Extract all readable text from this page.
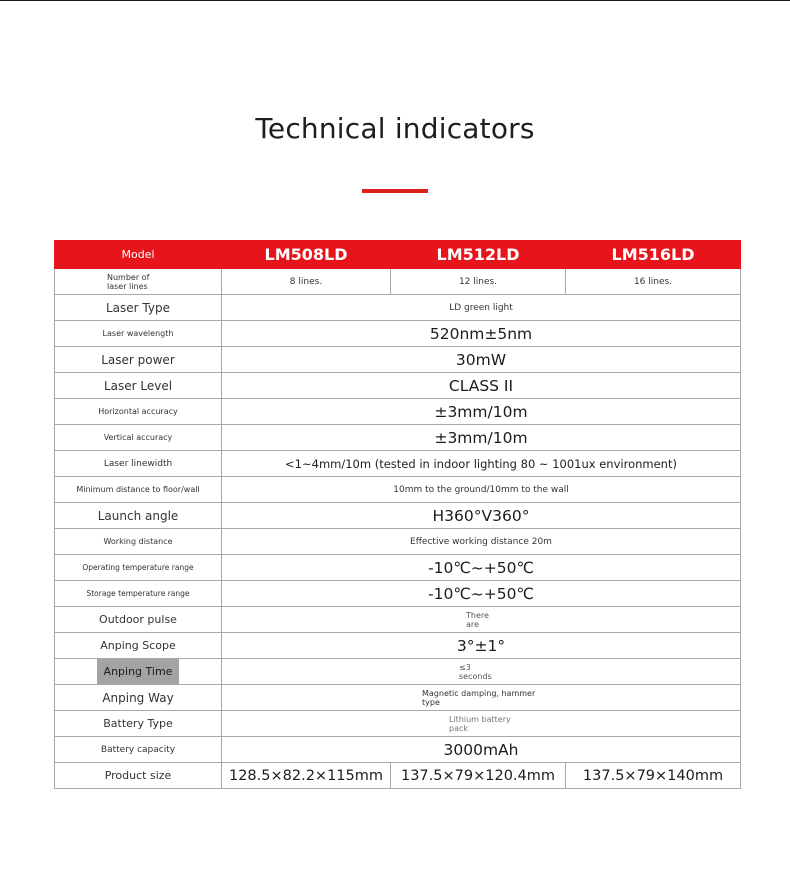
Technical indicators
Model	LM508LD	LM512LD	LM516LD
Number of laser lines	8 lines.	12 lines.	16 lines.
Laser Type	LD green light		
Laser wavelength	520nm±5nm		
Laser power	30mW		
Laser Level	CLASS II		
Horizontal accuracy	±3mm/10m		
Vertical accuracy	±3mm/10m		
Laser linewidth	<1~4mm/10m (tested in indoor lighting 80 ~ 1001ux environment)		
Minimum distance to floor/wall	10mm to the ground/10mm to the wall		
Launch angle	H360°V360°		
Working distance	Effective working distance 20m		
Operating temperature range	-10℃~+50℃		
Storage temperature range	-10℃~+50℃		
Outdoor pulse	There are		
Anping Scope	3°±1°		
Anping Time	≤3 seconds		
Anping Way	Magnetic damping, hammer type		
Battery Type	Lithium battery pack		
Battery capacity	3000mAh		
Product size	128.5×82.2×115mm	137.5×79×120.4mm	137.5×79×140mm
